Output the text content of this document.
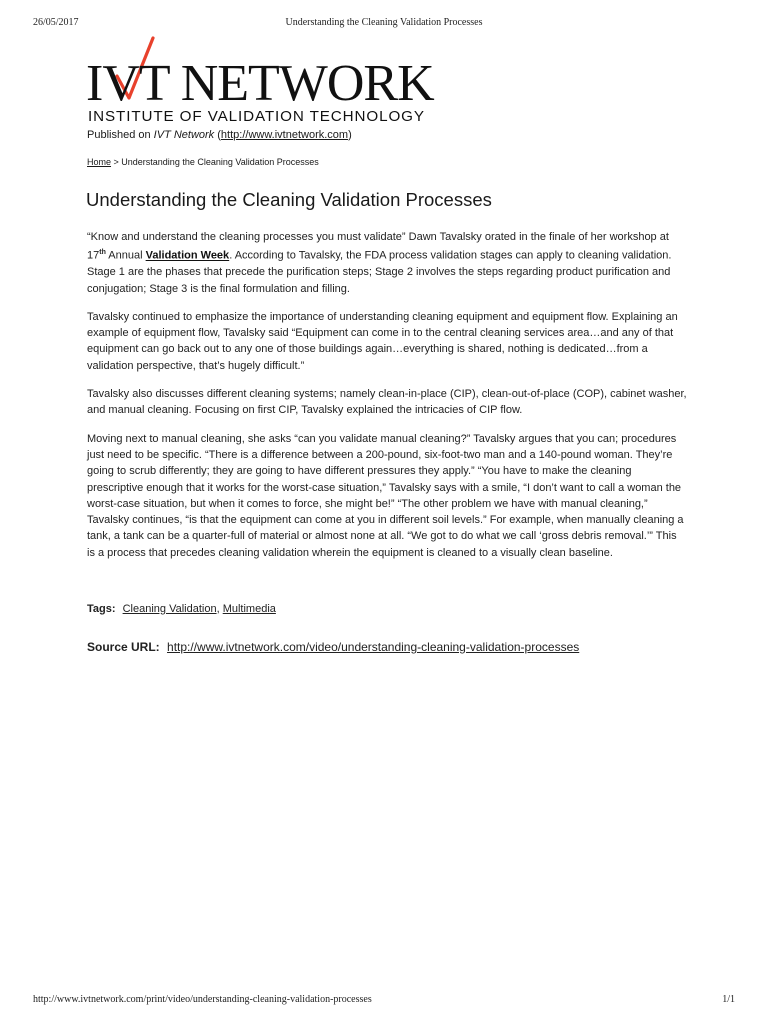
26/05/2017	Understanding the Cleaning Validation Processes
IVT NETWORK
INSTITUTE OF VALIDATION TECHNOLOGY
Published on IVT Network (http://www.ivtnetwork.com)
Home > Understanding the Cleaning Validation Processes
Understanding the Cleaning Validation Processes

“Know and understand the cleaning processes you must validate” Dawn Tavalsky orated in the finale of her workshop at 17th Annual Validation Week. According to Tavalsky, the FDA process validation stages can apply to cleaning validation. Stage 1 are the phases that precede the purification steps; Stage 2 involves the steps regarding product purification and conjugation; Stage 3 is the final formulation and filling.

Tavalsky continued to emphasize the importance of understanding cleaning equipment and equipment flow. Explaining an example of equipment flow, Tavalsky said “Equipment can come in to the central cleaning services area…and any of that equipment can go back out to any one of those buildings again…everything is shared, nothing is dedicated…from a validation perspective, that’s hugely difficult.”

Tavalsky also discusses different cleaning systems; namely clean-in-place (CIP), clean-out-of-place (COP), cabinet washer, and manual cleaning. Focusing on first CIP, Tavalsky explained the intricacies of CIP flow.

Moving next to manual cleaning, she asks “can you validate manual cleaning?” Tavalsky argues that you can; procedures just need to be specific. “There is a difference between a 200-pound, six-foot-two man and a 140-pound woman. They’re going to scrub differently; they are going to have different pressures they apply.” “You have to make the cleaning prescriptive enough that it works for the worst-case situation,” Tavalsky says with a smile, “I don’t want to call a woman the worst-case situation, but when it comes to force, she might be!” “The other problem we have with manual cleaning,” Tavalsky continues, “is that the equipment can come at you in different soil levels.” For example, when manually cleaning a tank, a tank can be a quarter-full of material or almost none at all. “We got to do what we call ‘gross debris removal.’” This is a process that precedes cleaning validation wherein the equipment is cleaned to a visually clean baseline.

Tags: Cleaning Validation, Multimedia
Source URL: http://www.ivtnetwork.com/video/understanding-cleaning-validation-processes
http://www.ivtnetwork.com/print/video/understanding-cleaning-validation-processes	1/1
